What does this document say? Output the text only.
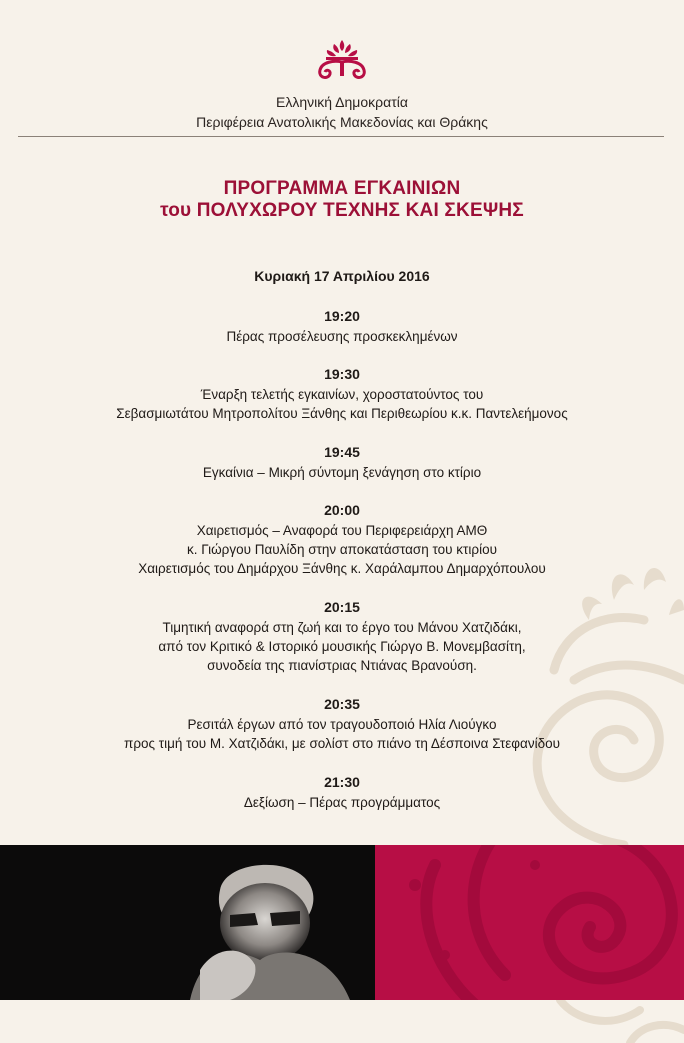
Ελληνική Δημοκρατία
Περιφέρεια Ανατολικής Μακεδονίας και Θράκης
ΠΡΟΓΡΑΜΜΑ ΕΓΚΑΙΝΙΩΝ
του ΠΟΛΥΧΩΡΟΥ ΤΕΧΝΗΣ ΚΑΙ ΣΚΕΨΗΣ
Κυριακή 17 Απριλίου 2016
19:20
Πέρας προσέλευσης προσκεκλημένων
19:30
Έναρξη τελετής εγκαινίων, χοροστατούντος του
Σεβασμιωτάτου Μητροπολίτου Ξάνθης και Περιθεωρίου κ.κ. Παντελεήμονος
19:45
Εγκαίνια – Μικρή σύντομη ξενάγηση στο κτίριο
20:00
Χαιρετισμός – Αναφορά του Περιφερειάρχη ΑΜΘ
κ. Γιώργου Παυλίδη στην αποκατάσταση του κτιρίου
Χαιρετισμός του Δημάρχου Ξάνθης κ. Χαράλαμπου Δημαρχόπουλου
20:15
Τιμητική αναφορά στη ζωή και το έργο του Μάνου Χατζιδάκι,
από τον Κριτικό & Ιστορικό μουσικής Γιώργο Β. Μονεμβασίτη,
συνοδεία της πιανίστριας Ντιάνας Βρανούση.
20:35
Ρεσιτάλ έργων από τον τραγουδοποιό Ηλία Λιούγκο
προς τιμή του Μ. Χατζιδάκι, με σολίστ στο πιάνο τη Δέσποινα Στεφανίδου
21:30
Δεξίωση – Πέρας προγράμματος
